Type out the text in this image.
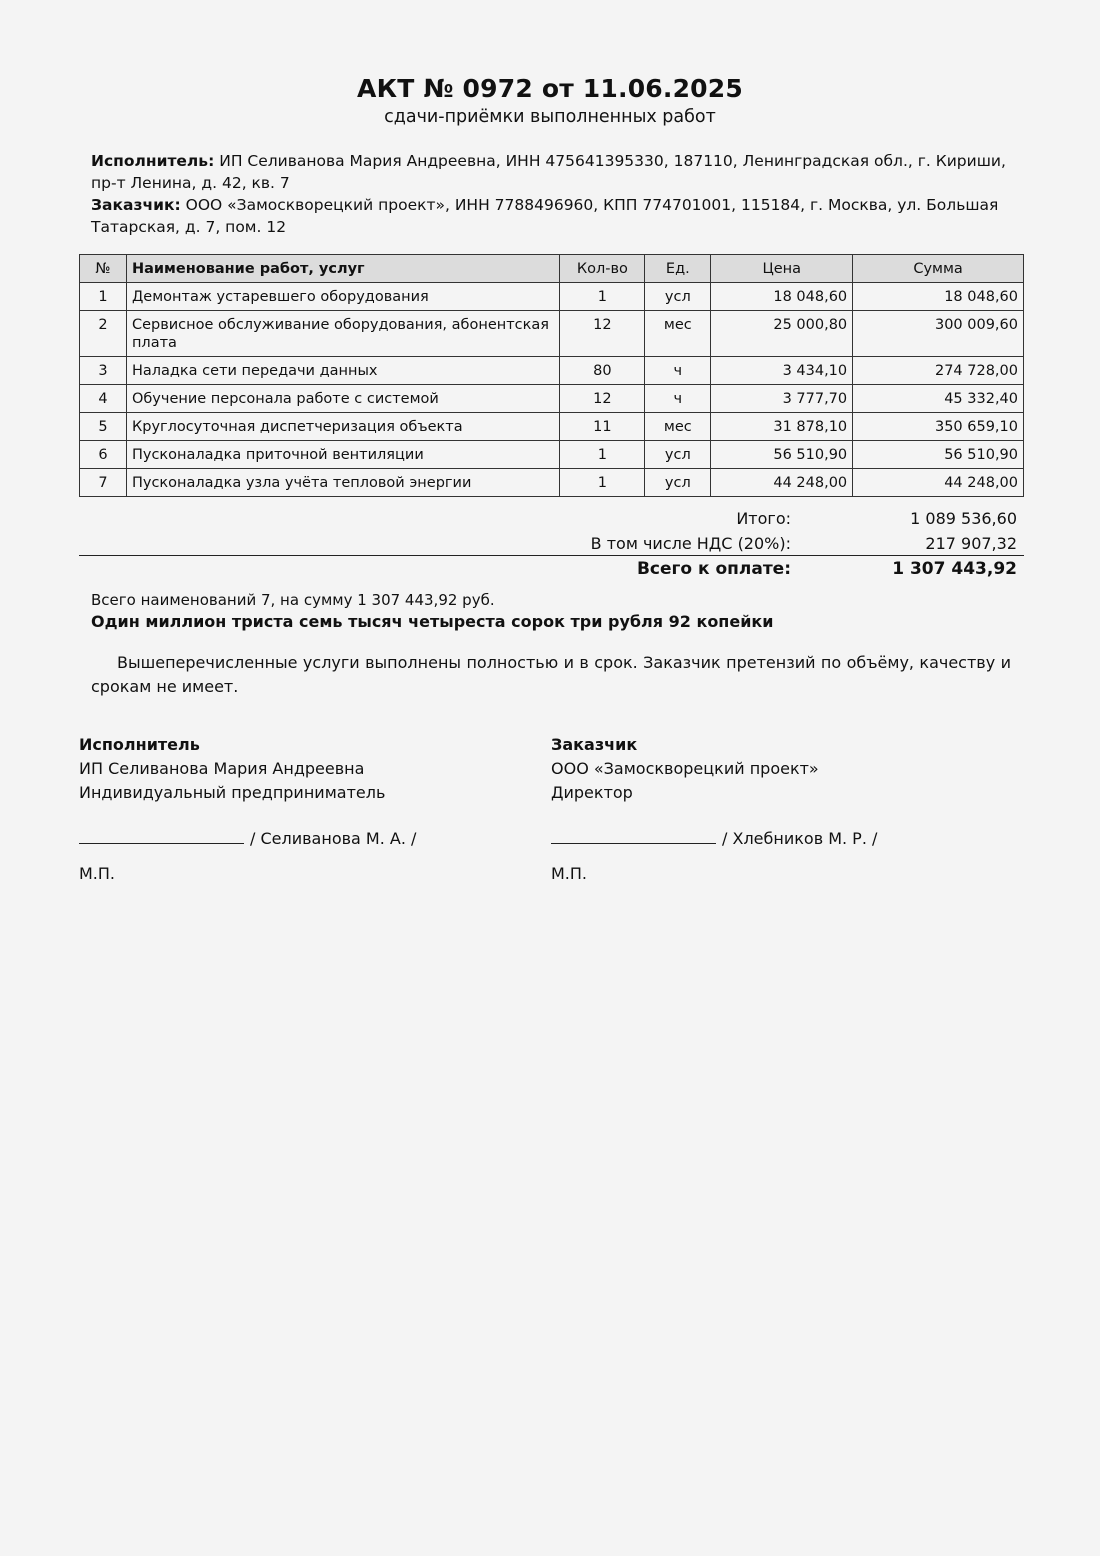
АКТ № 0972 от 11.06.2025
сдачи-приёмки выполненных работ
Исполнитель: ИП Селиванова Мария Андреевна, ИНН 475641395330, 187110, Ленинградская обл., г. Кириши, пр-т Ленина, д. 42, кв. 7
Заказчик: ООО «Замоскворецкий проект», ИНН 7788496960, КПП 774701001, 115184, г. Москва, ул. Большая Татарская, д. 7, пом. 12
№	Наименование работ, услуг	Кол-во	Ед.	Цена	Сумма
1	Демонтаж устаревшего оборудования	1	усл	18 048,60	18 048,60
2	Сервисное обслуживание оборудования, абонентская плата	12	мес	25 000,80	300 009,60
3	Наладка сети передачи данных	80	ч	3 434,10	274 728,00
4	Обучение персонала работе с системой	12	ч	3 777,70	45 332,40
5	Круглосуточная диспетчеризация объекта	11	мес	31 878,10	350 659,10
6	Пусконаладка приточной вентиляции	1	усл	56 510,90	56 510,90
7	Пусконаладка узла учёта тепловой энергии	1	усл	44 248,00	44 248,00
Итого:	1 089 536,60
В том числе НДС (20%):	217 907,32
Всего к оплате:	1 307 443,92
Всего наименований 7, на сумму 1 307 443,92 руб.
Один миллион триста семь тысяч четыреста сорок три рубля 92 копейки
Вышеперечисленные услуги выполнены полностью и в срок. Заказчик претензий по объёму, качеству и срокам не имеет.
Исполнитель
ИП Селиванова Мария Андреевна
Индивидуальный предприниматель
/ Селиванова М. А. /
М.П.
Заказчик
ООО «Замоскворецкий проект»
Директор
/ Хлебников М. Р. /
М.П.
